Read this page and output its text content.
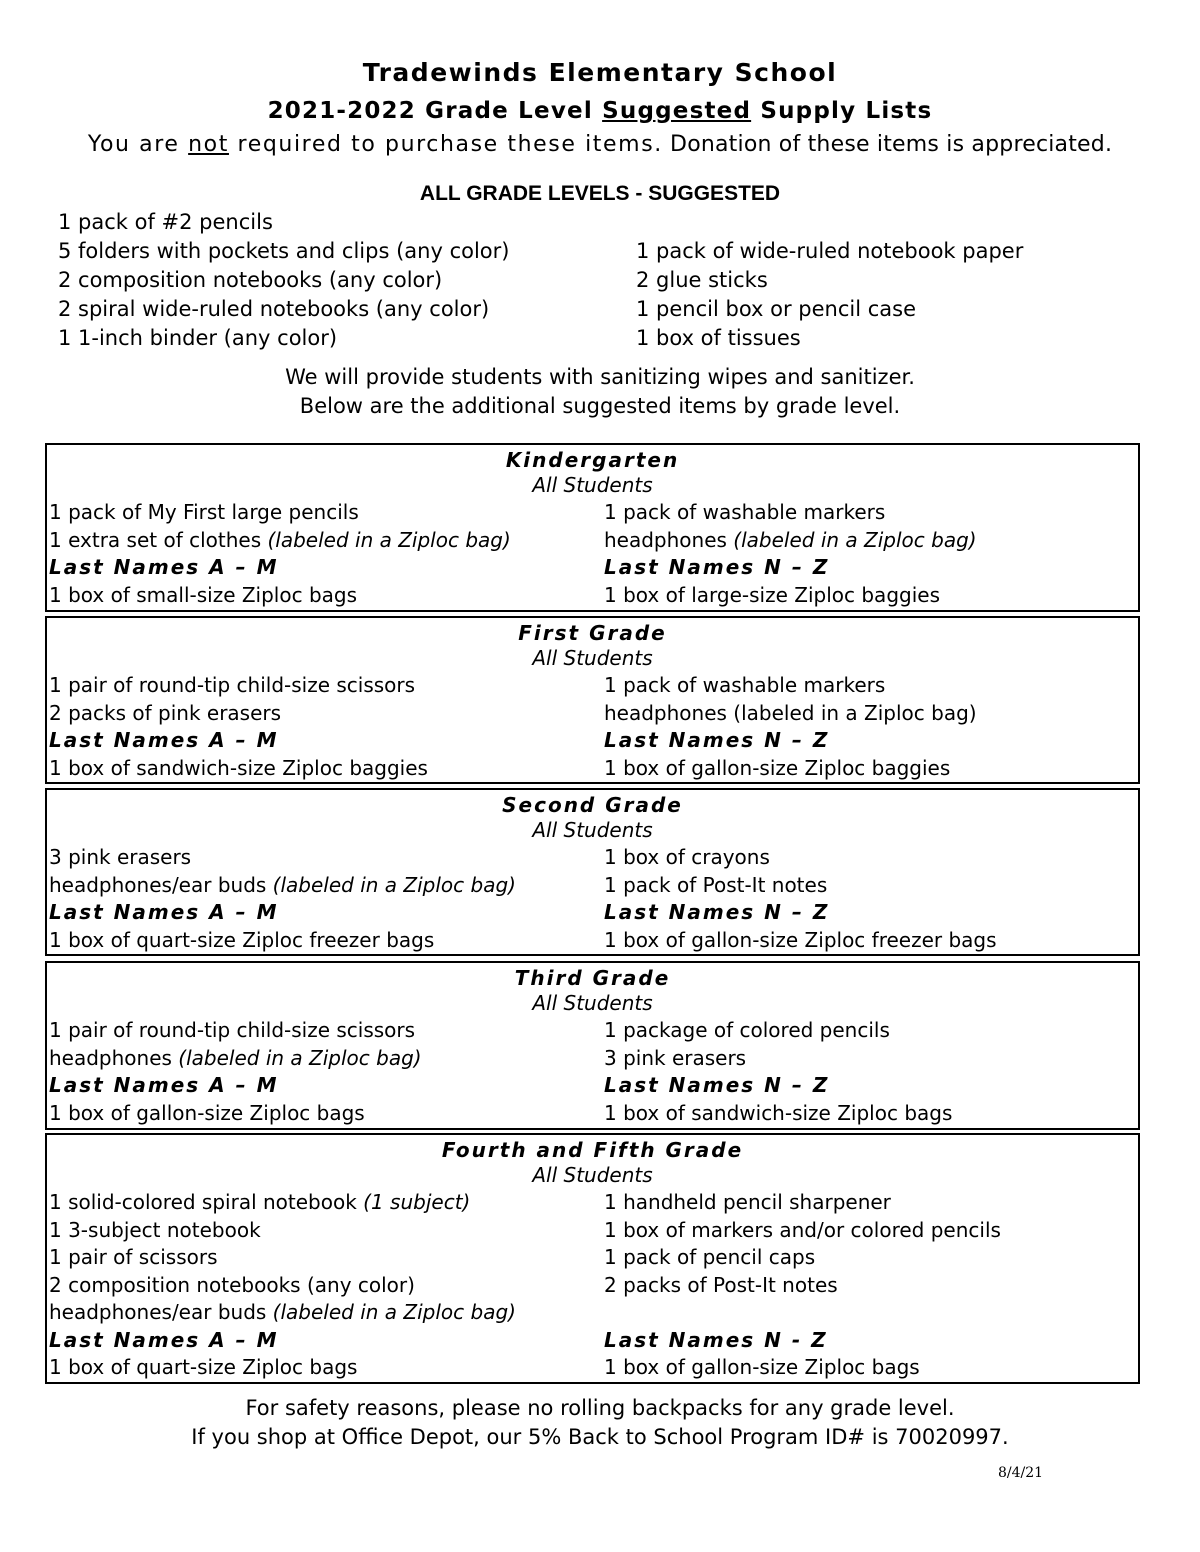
Tradewinds Elementary School
2021-2022 Grade Level Suggested Supply Lists
You are not required to purchase these items. Donation of these items is appreciated.
ALL GRADE LEVELS - SUGGESTED
1 pack of #2 pencils
5 folders with pockets and clips (any color)
2 composition notebooks (any color)
2 spiral wide-ruled notebooks (any color)
1 1-inch binder (any color)
1 pack of wide-ruled notebook paper
2 glue sticks
1 pencil box or pencil case
1 box of tissues
We will provide students with sanitizing wipes and sanitizer.
Below are the additional suggested items by grade level.
Kindergarten
All Students
1 pack of My First large pencils
1 extra set of clothes (labeled in a Ziploc bag)
Last Names A – M
1 box of small-size Ziploc bags
1 pack of washable markers
headphones (labeled in a Ziploc bag)
Last Names N – Z
1 box of large-size Ziploc baggies
First Grade
All Students
1 pair of round-tip child-size scissors
2 packs of pink erasers
Last Names A – M
1 box of sandwich-size Ziploc baggies
1 pack of washable markers
headphones (labeled in a Ziploc bag)
Last Names N – Z
1 box of gallon-size Ziploc baggies
Second Grade
All Students
3 pink erasers
headphones/ear buds (labeled in a Ziploc bag)
Last Names A – M
1 box of quart-size Ziploc freezer bags
1 box of crayons
1 pack of Post-It notes
Last Names N – Z
1 box of gallon-size Ziploc freezer bags
Third Grade
All Students
1 pair of round-tip child-size scissors
headphones (labeled in a Ziploc bag)
Last Names A – M
1 box of gallon-size Ziploc bags
1 package of colored pencils
3 pink erasers
Last Names N – Z
1 box of sandwich-size Ziploc bags
Fourth and Fifth Grade
All Students
1 solid-colored spiral notebook (1 subject)
1 3-subject notebook
1 pair of scissors
2 composition notebooks (any color)
headphones/ear buds (labeled in a Ziploc bag)
Last Names A – M
1 box of quart-size Ziploc bags
1 handheld pencil sharpener
1 box of markers and/or colored pencils
1 pack of pencil caps
2 packs of Post-It notes
Last Names N - Z
1 box of gallon-size Ziploc bags
For safety reasons, please no rolling backpacks for any grade level.
If you shop at Office Depot, our 5% Back to School Program ID# is 70020997.
8/4/21
